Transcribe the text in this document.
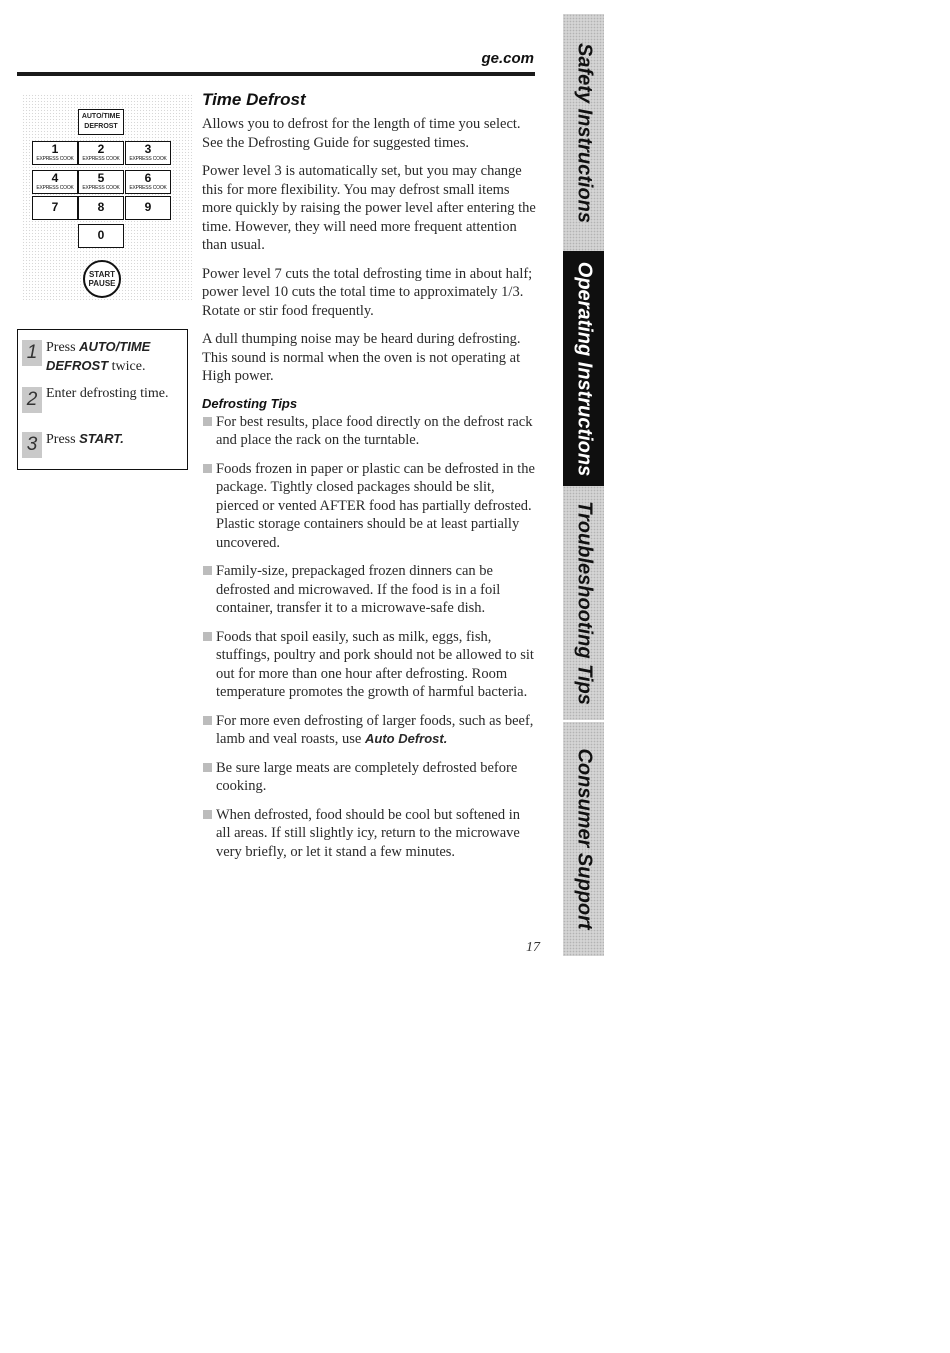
ge.com
AUTO/TIME DEFROST
1
EXPRESS COOK
2
EXPRESS COOK
3
EXPRESS COOK
4
EXPRESS COOK
5
EXPRESS COOK
6
EXPRESS COOK
7	8	9
0
START PAUSE
1 Press AUTO/TIME DEFROST twice.
2 Enter defrosting time.
3 Press START.
Time Defrost

Allows you to defrost for the length of time you select. See the Defrosting Guide for suggested times.

Power level 3 is automatically set, but you may change this for more flexibility. You may defrost small items more quickly by raising the power level after entering the time. However, they will need more frequent attention than usual.

Power level 7 cuts the total defrosting time in about half; power level 10 cuts the total time to approximately 1/3. Rotate or stir food frequently.

A dull thumping noise may be heard during defrosting. This sound is normal when the oven is not operating at High power.

Defrosting Tips
For best results, place food directly on the defrost rack and place the rack on the turntable.
Foods frozen in paper or plastic can be defrosted in the package. Tightly closed packages should be slit, pierced or vented AFTER food has partially defrosted. Plastic storage containers should be at least partially uncovered.
Family-size, prepackaged frozen dinners can be defrosted and microwaved. If the food is in a foil container, transfer it to a microwave-safe dish.
Foods that spoil easily, such as milk, eggs, fish, stuffings, poultry and pork should not be allowed to sit out for more than one hour after defrosting. Room temperature promotes the growth of harmful bacteria.
For more even defrosting of larger foods, such as beef, lamb and veal roasts, use Auto Defrost.
Be sure large meats are completely defrosted before cooking.
When defrosted, food should be cool but softened in all areas. If still slightly icy, return to the microwave very briefly, or let it stand a few minutes.
17
Safety Instructions
Operating Instructions
Troubleshooting Tips
Consumer Support
